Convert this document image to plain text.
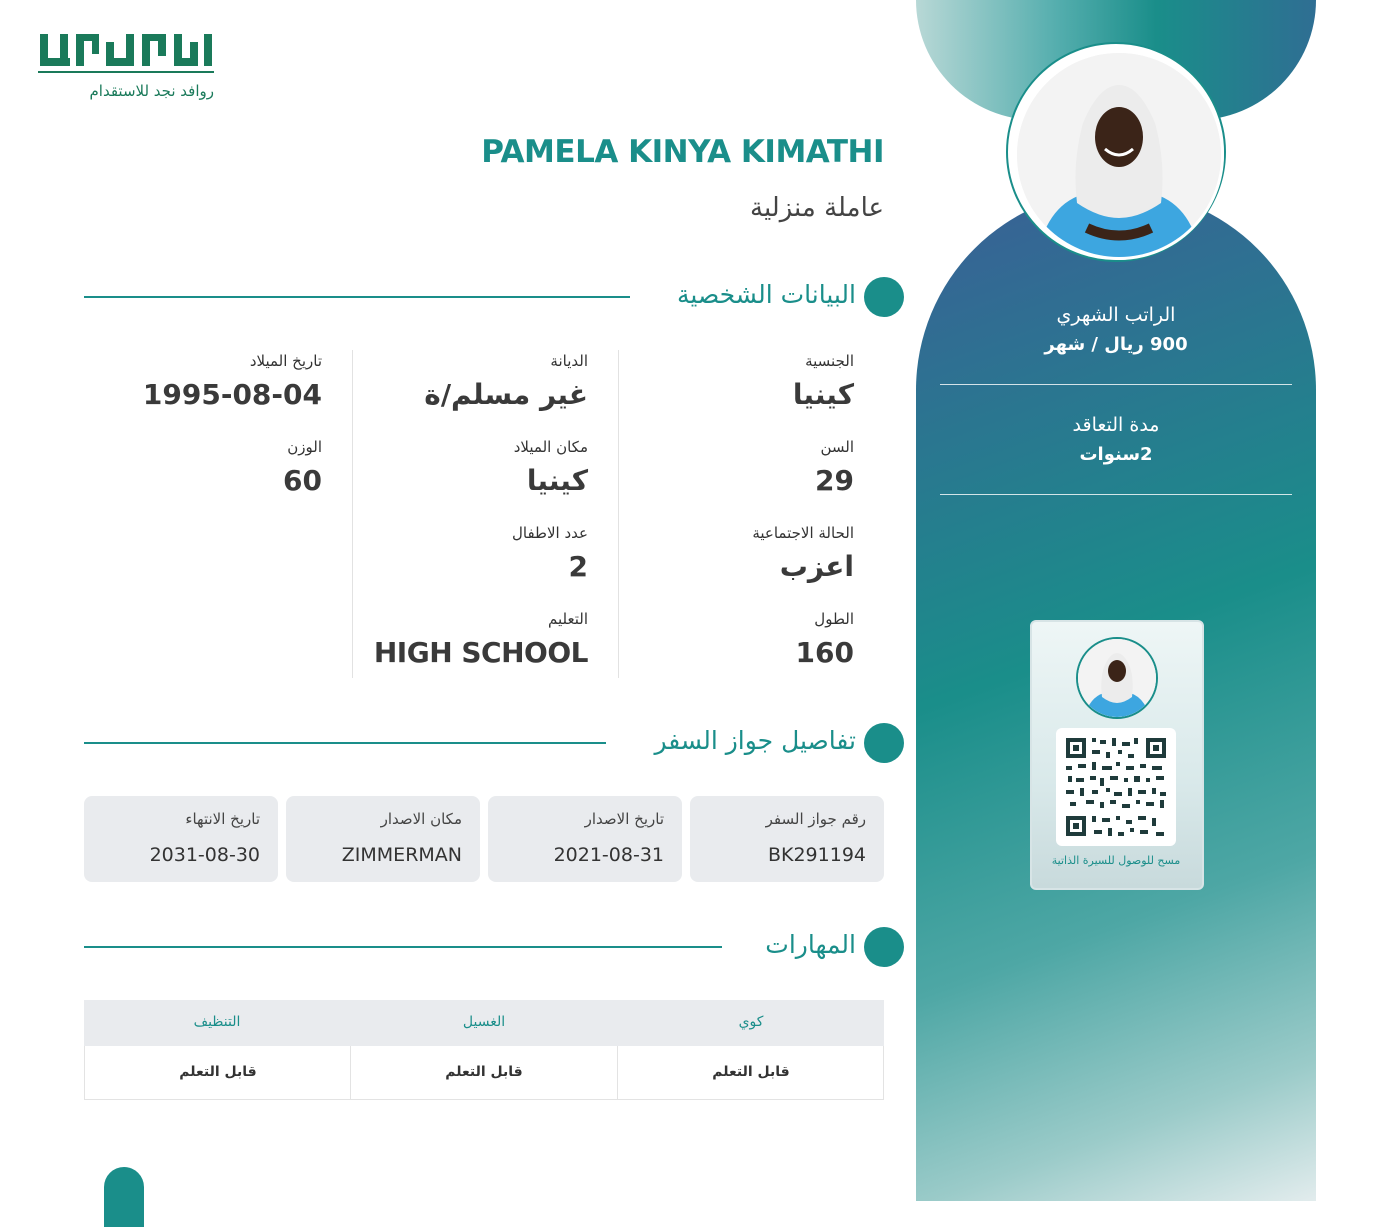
روافد نجد للاستقدام
PAMELA KINYA KIMATHI
عاملة منزلية
البيانات الشخصية
الجنسية
كينيا
السن
29
الحالة الاجتماعية
اعزب
الطول
160
الديانة
غير مسلم/ة
مكان الميلاد
كينيا
عدد الاطفال
2
التعليم
HIGH SCHOOL
تاريخ الميلاد
1995-08-04
الوزن
60
تفاصيل جواز السفر
رقم جواز السفر
BK291194
تاريخ الاصدار
2021-08-31
مكان الاصدار
ZIMMERMAN
تاريخ الانتهاء
2031-08-30
المهارات
كوي
الغسيل
التنظيف
قابل التعلم
قابل التعلم
قابل التعلم
الراتب الشهري
900 ريال / شهر
مدة التعاقد
2سنوات
مسح للوصول للسيرة الذاتية
